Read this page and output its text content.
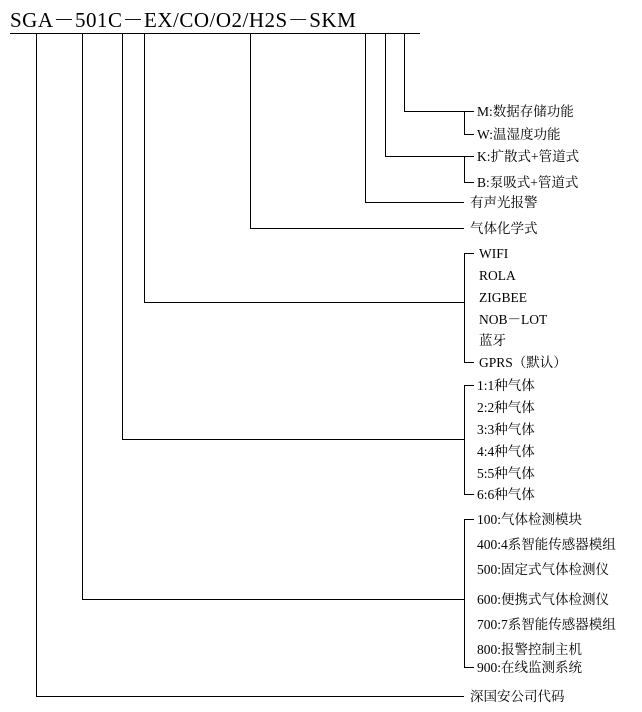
SGA－501C－EX/CO/O2/H2S－SKM
M:数据存储功能
W:温湿度功能
K:扩散式+管道式
B:泵吸式+管道式
有声光报警
气体化学式
WIFI
ROLA
ZIGBEE
NOB－LOT
蓝牙
GPRS（默认）
1:1种气体
2:2种气体
3:3种气体
4:4种气体
5:5种气体
6:6种气体
100:气体检测模块
400:4系智能传感器模组
500:固定式气体检测仪
600:便携式气体检测仪
700:7系智能传感器模组
800:报警控制主机
900:在线监测系统
深国安公司代码
